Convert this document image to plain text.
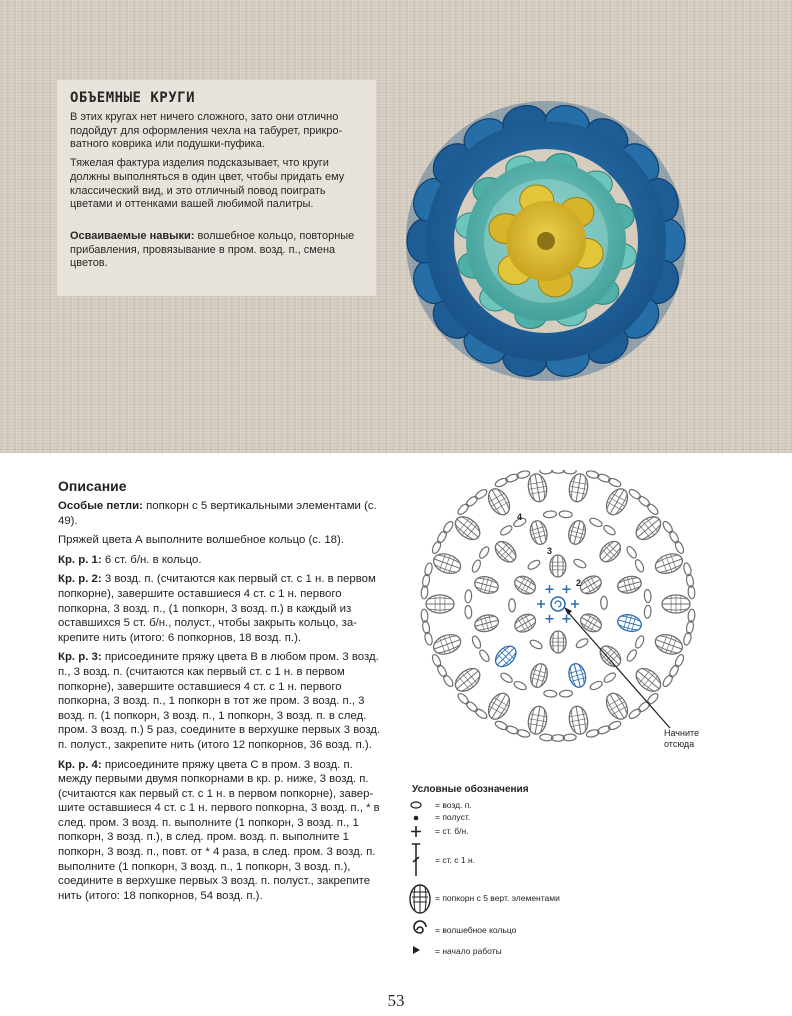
ОБЪЕМНЫЕ КРУГИ

В этих кругах нет ничего сложного, зато они отлично подойдут для оформления чехла на табурет, прикроватного коврика или подушки-пуфика.

Тяжелая фактура изделия подсказывает, что круги должны выполняться в один цвет, чтобы придать ему классический вид, и это отличный повод поиграть цветами и оттенками вашей любимой палитры.

Осваиваемые навыки: волшебное кольцо, повторные прибавления, провязывание в пром. возд. п., смена цветов.

Описание

Особые петли: попкорн с 5 вертикальными элементами (с. 49).

Пряжей цвета А выполните волшебное кольцо (с. 18).

Кр. р. 1: 6 ст. б/н. в кольцо.

Кр. р. 2: 3 возд. п. (считаются как первый ст. с 1 н. в первом попкорне), завершите оставшиеся 4 ст. с 1 н. первого попкорна, 3 возд. п., (1 попкорн, 3 возд. п.) в каждый из оставшихся 5 ст. б/н., полуст., чтобы закрыть кольцо, закрепите нить (итого: 6 попкорнов, 18 возд. п.).

Кр. р. 3: присоедините пряжу цвета В в любом пром. 3 возд. п., 3 возд. п. (считаются как первый ст. с 1 н. в первом попкорне), завершите оставшиеся 4 ст. с 1 н. первого попкорна, 3 возд. п., 1 попкорн в тот же пром. 3 возд. п., 3 возд. п. (1 попкорн, 3 возд. п., 1 попкорн, 3 возд. п. в след. пром. 3 возд. п.) 5 раз, соедините в верхушке первых 3 возд. п. полуст., закрепите нить (итого 12 попкорнов, 36 возд. п.).

Кр. р. 4: присоедините пряжу цвета С в пром. 3 возд. п. между первыми двумя попкорнами в кр. р. ниже, 3 возд. п. (считаются как первый ст. с 1 н. в первом попкорне), завершите оставшиеся 4 ст. с 1 н. первого попкорна, 3 возд. п., * в след. пром. 3 возд. п. выполните (1 попкорн, 3 возд. п., 1 попкорн, 3 возд. п.), в след. пром. возд. п. выполните 1 попкорн, 3 возд. п., повт. от * 4 раза, в след. пром. 3 возд. п. выполните (1 попкорн, 3 возд. п., 1 попкорн, 3 возд. п.), соедините в верхушке первых 3 возд. п. полуст., закрепите нить (итого: 18 попкорнов, 54 возд. п.).

2
3
4
Начните отсюда
Условные обозначения
= возд. п.
= полуст.
= ст. б/н.
= ст. с 1 н.
= попкорн с 5 верт. элементами
= волшебное кольцо
= начало работы
53
